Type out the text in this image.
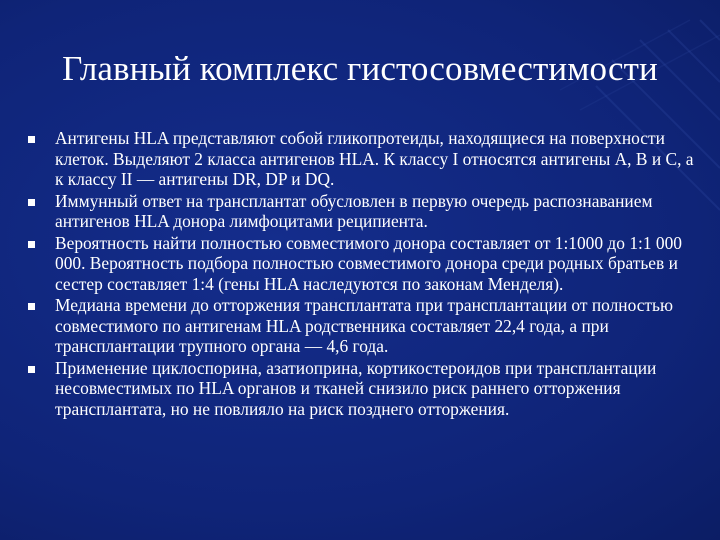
Главный комплекс гистосовместимости
Антигены HLA представляют собой гликопротеиды, находящиеся на поверхности клеток. Выделяют 2 класса антигенов HLA. К классу I относятся антигены А, В и С, а к классу II — антигены DR, DP и DQ.
Иммунный ответ на трансплантат обусловлен в первую очередь распознаванием антигенов HLA донора лимфоцитами реципиента.
Вероятность найти полностью совместимого донора составляет от 1:1000 до 1:1 000 000. Вероятность подбора полностью совместимого донора среди родных братьев и сестер составляет 1:4 (гены HLA наследуются по законам Менделя).
Медиана времени до отторжения трансплантата при трансплантации от полностью совместимого по антигенам HLA родственника составляет 22,4 года, а при трансплантации трупного органа — 4,6 года.
Применение циклоспорина, азатиоприна, кортикостероидов при трансплантации несовместимых по HLA органов и тканей снизило риск раннего отторжения трансплантата, но не повлияло на риск позднего отторжения.
